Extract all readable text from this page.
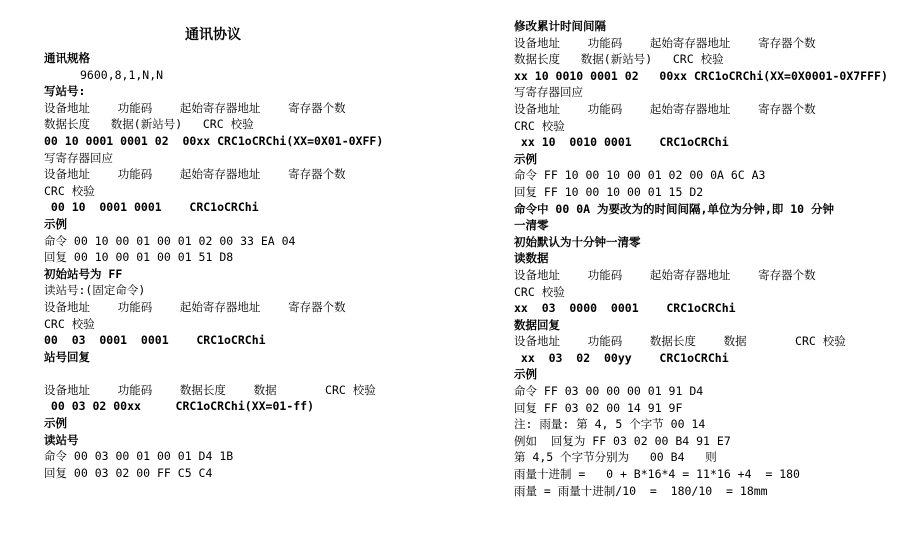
通讯协议
通讯规格
9600,8,1,N,N
写站号:
设备地址    功能码    起始寄存器地址    寄存器个数
数据长度   数据(新站号)   CRC 校验
00 10 0001 0001 02  00xx CRC1oCRChi(XX=0X01-0XFF)
写寄存器回应
设备地址    功能码    起始寄存器地址    寄存器个数
CRC 校验
00 10  0001 0001    CRC1oCRChi
示例
命令 00 10 00 01 00 01 02 00 33 EA 04
回复 00 10 00 01 00 01 51 D8
初始站号为 FF
读站号:(固定命令)
设备地址    功能码    起始寄存器地址    寄存器个数
CRC 校验
00  03  0001  0001    CRC1oCRChi
站号回复
设备地址    功能码    数据长度    数据       CRC 校验
00 03 02 00xx     CRC1oCRChi(XX=01-ff)
示例
读站号
命令 00 03 00 01 00 01 D4 1B
回复 00 03 02 00 FF C5 C4
修改累计时间间隔
设备地址    功能码    起始寄存器地址    寄存器个数
数据长度   数据(新站号)   CRC 校验
xx 10 0010 0001 02   00xx CRC1oCRChi(XX=0X0001-0X7FFF)
写寄存器回应
设备地址    功能码    起始寄存器地址    寄存器个数
CRC 校验
xx 10  0010 0001    CRC1oCRChi
示例
命令 FF 10 00 10 00 01 02 00 0A 6C A3
回复 FF 10 00 10 00 01 15 D2
命令中 00 0A 为要改为的时间间隔,单位为分钟,即 10 分钟
一清零
初始默认为十分钟一清零
读数据
设备地址    功能码    起始寄存器地址    寄存器个数
CRC 校验
xx  03  0000  0001    CRC1oCRChi
数据回复
设备地址    功能码    数据长度    数据       CRC 校验
xx  03  02  00yy    CRC1oCRChi
示例
命令 FF 03 00 00 00 01 91 D4
回复 FF 03 02 00 14 91 9F
注: 雨量: 第 4, 5 个字节 00 14
例如  回复为 FF 03 02 00 B4 91 E7
第 4,5 个字节分别为   00 B4   则
雨量十进制 =   0 + B*16*4 = 11*16 +4  = 180
雨量 = 雨量十进制/10  =  180/10  = 18mm
